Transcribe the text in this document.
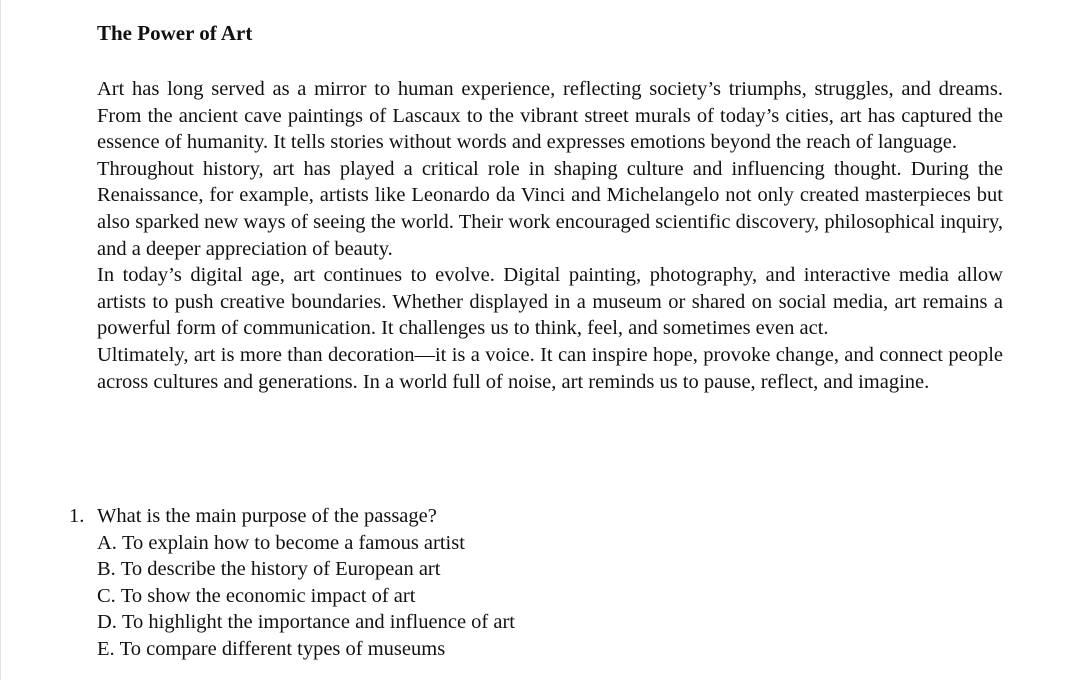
The Power of Art

Art has long served as a mirror to human experience, reflecting society’s triumphs, struggles, and dreams. From the ancient cave paintings of Lascaux to the vibrant street murals of today’s cities, art has captured the essence of humanity. It tells stories without words and expresses emotions beyond the reach of language.

Throughout history, art has played a critical role in shaping culture and influencing thought. During the Renaissance, for example, artists like Leonardo da Vinci and Michelangelo not only created masterpieces but also sparked new ways of seeing the world. Their work encouraged scientific discovery, philosophical inquiry, and a deeper appreciation of beauty.

In today’s digital age, art continues to evolve. Digital painting, photography, and interactive media allow artists to push creative boundaries. Whether displayed in a museum or shared on social media, art remains a powerful form of communication. It challenges us to think, feel, and sometimes even act.

Ultimately, art is more than decoration—it is a voice. It can inspire hope, provoke change, and connect people across cultures and generations. In a world full of noise, art reminds us to pause, reflect, and imagine.

1. What is the main purpose of the passage?
A. To explain how to become a famous artist
B. To describe the history of European art
C. To show the economic impact of art
D. To highlight the importance and influence of art
E. To compare different types of museums
